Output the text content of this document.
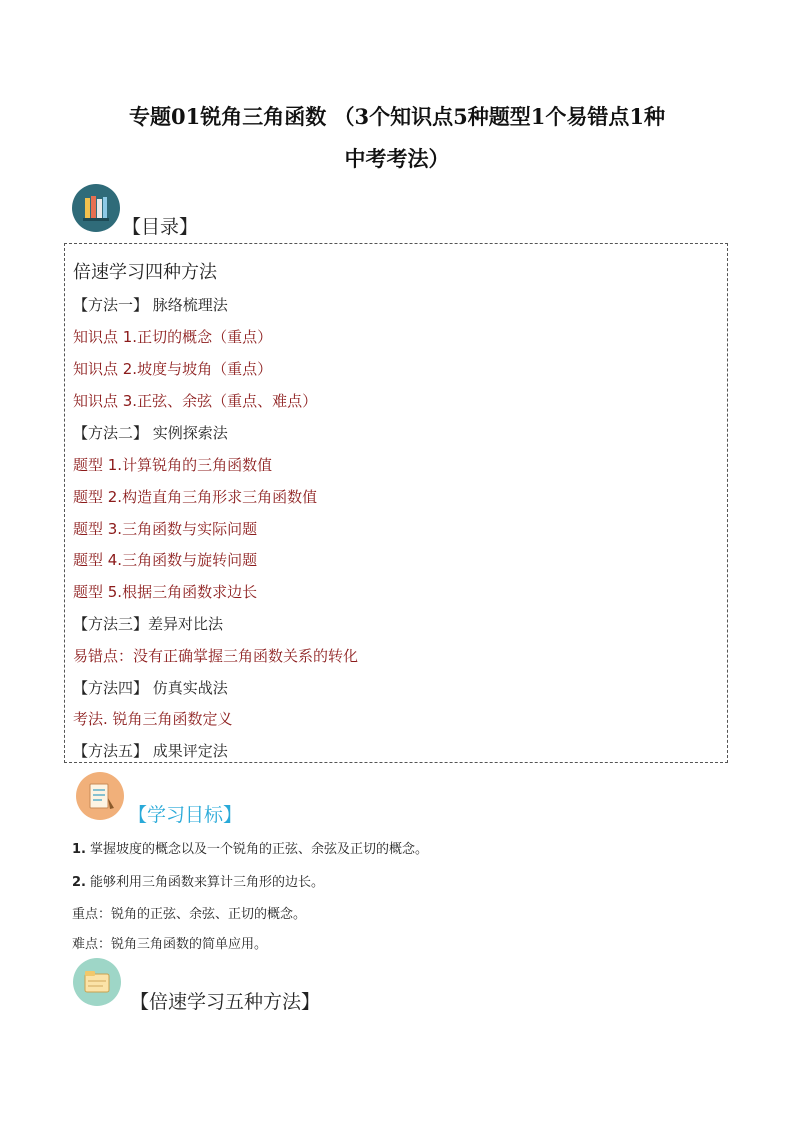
专题01锐角三角函数 （3个知识点5种题型1个易错点1种
中考考法）
【目录】
倍速学习四种方法
【方法一】 脉络梳理法
知识点 1.正切的概念（重点）
知识点 2.坡度与坡角（重点）
知识点 3.正弦、余弦（重点、难点）
【方法二】 实例探索法
题型 1.计算锐角的三角函数值
题型 2.构造直角三角形求三角函数值
题型 3.三角函数与实际问题
题型 4.三角函数与旋转问题
题型 5.根据三角函数求边长
【方法三】差异对比法
易错点：没有正确掌握三角函数关系的转化
【方法四】 仿真实战法
考法. 锐角三角函数定义
【方法五】 成果评定法
【学习目标】
1. 掌握坡度的概念以及一个锐角的正弦、余弦及正切的概念。
2. 能够利用三角函数来算计三角形的边长。
重点：锐角的正弦、余弦、正切的概念。
难点：锐角三角函数的简单应用。
【倍速学习五种方法】
